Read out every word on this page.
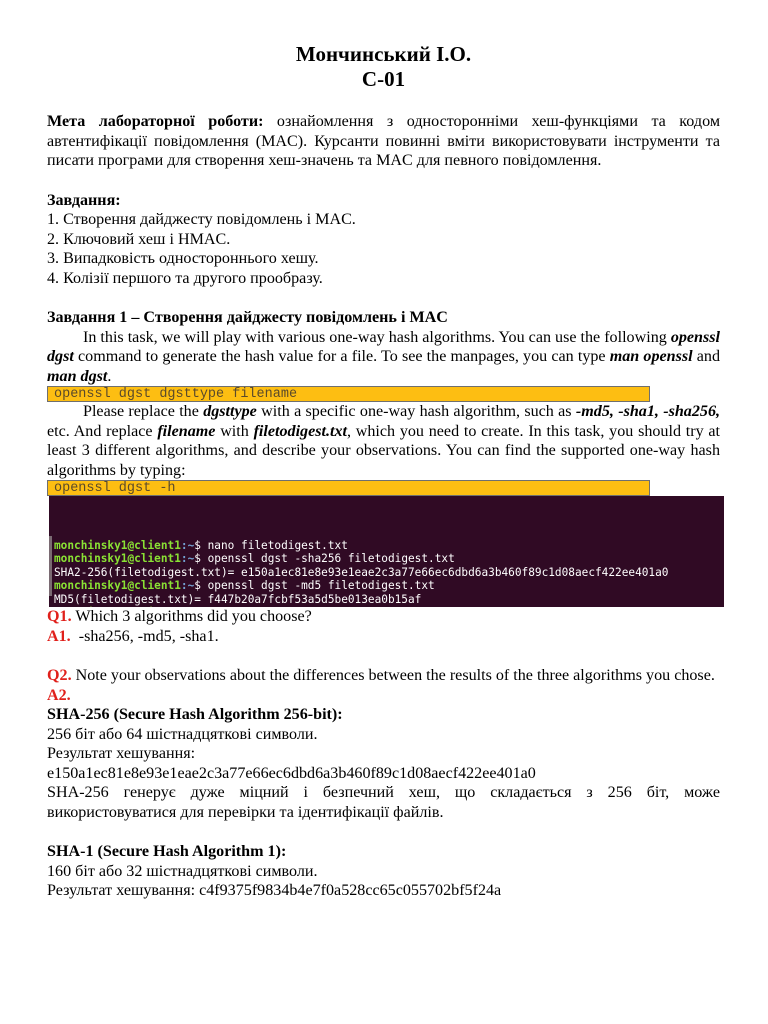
Мончинський І.О.

С-01

Мета лабораторної роботи: ознайомлення з односторонніми хеш-функціями та кодом автентифікації повідомлення (MAC). Курсанти повинні вміти використовувати інструменти та писати програми для створення хеш-значень та MAC для певного повідомлення.

Завдання:

1. Створення дайджесту повідомлень і MAC.

2. Ключовий хеш і HMAC.

3. Випадковість одностороннього хешу.

4. Колізії першого та другого прообразу.

Завдання 1 – Створення дайджесту повідомлень і MAC

In this task, we will play with various one-way hash algorithms. You can use the following openssl dgst command to generate the hash value for a file. To see the manpages, you can type man openssl and man dgst.

openssl dgst dgsttype filename

Please replace the dgsttype with a specific one-way hash algorithm, such as -md5, -sha1, -sha256, etc. And replace filename with filetodigest.txt, which you need to create. In this task, you should try at least 3 different algorithms, and describe your observations. You can find the supported one-way hash algorithms by typing:

openssl dgst -h

monchinsky1@client1:~$ nano filetodigest.txt
monchinsky1@client1:~$ openssl dgst -sha256 filetodigest.txt
SHA2-256(filetodigest.txt)= e150a1ec81e8e93e1eae2c3a77e66ec6dbd6a3b460f89c1d08aecf422ee401a0
monchinsky1@client1:~$ openssl dgst -md5 filetodigest.txt
MD5(filetodigest.txt)= f447b20a7fcbf53a5d5be013ea0b15af

Q1. Which 3 algorithms did you choose?

A1.  -sha256, -md5, -sha1.

Q2. Note your observations about the differences between the results of the three algorithms you chose.

A2.

SHA-256 (Secure Hash Algorithm 256-bit):

256 біт або 64 шістнадцяткові символи.

Результат хешування:

e150a1ec81e8e93e1eae2c3a77e66ec6dbd6a3b460f89c1d08aecf422ee401a0

SHA-256 генерує дуже міцний і безпечний хеш, що складається з 256 біт, може використовуватися для перевірки та ідентифікації файлів.

SHA-1 (Secure Hash Algorithm 1):

160 біт або 32 шістнадцяткові символи.

Результат хешування: c4f9375f9834b4e7f0a528cc65c055702bf5f24a
